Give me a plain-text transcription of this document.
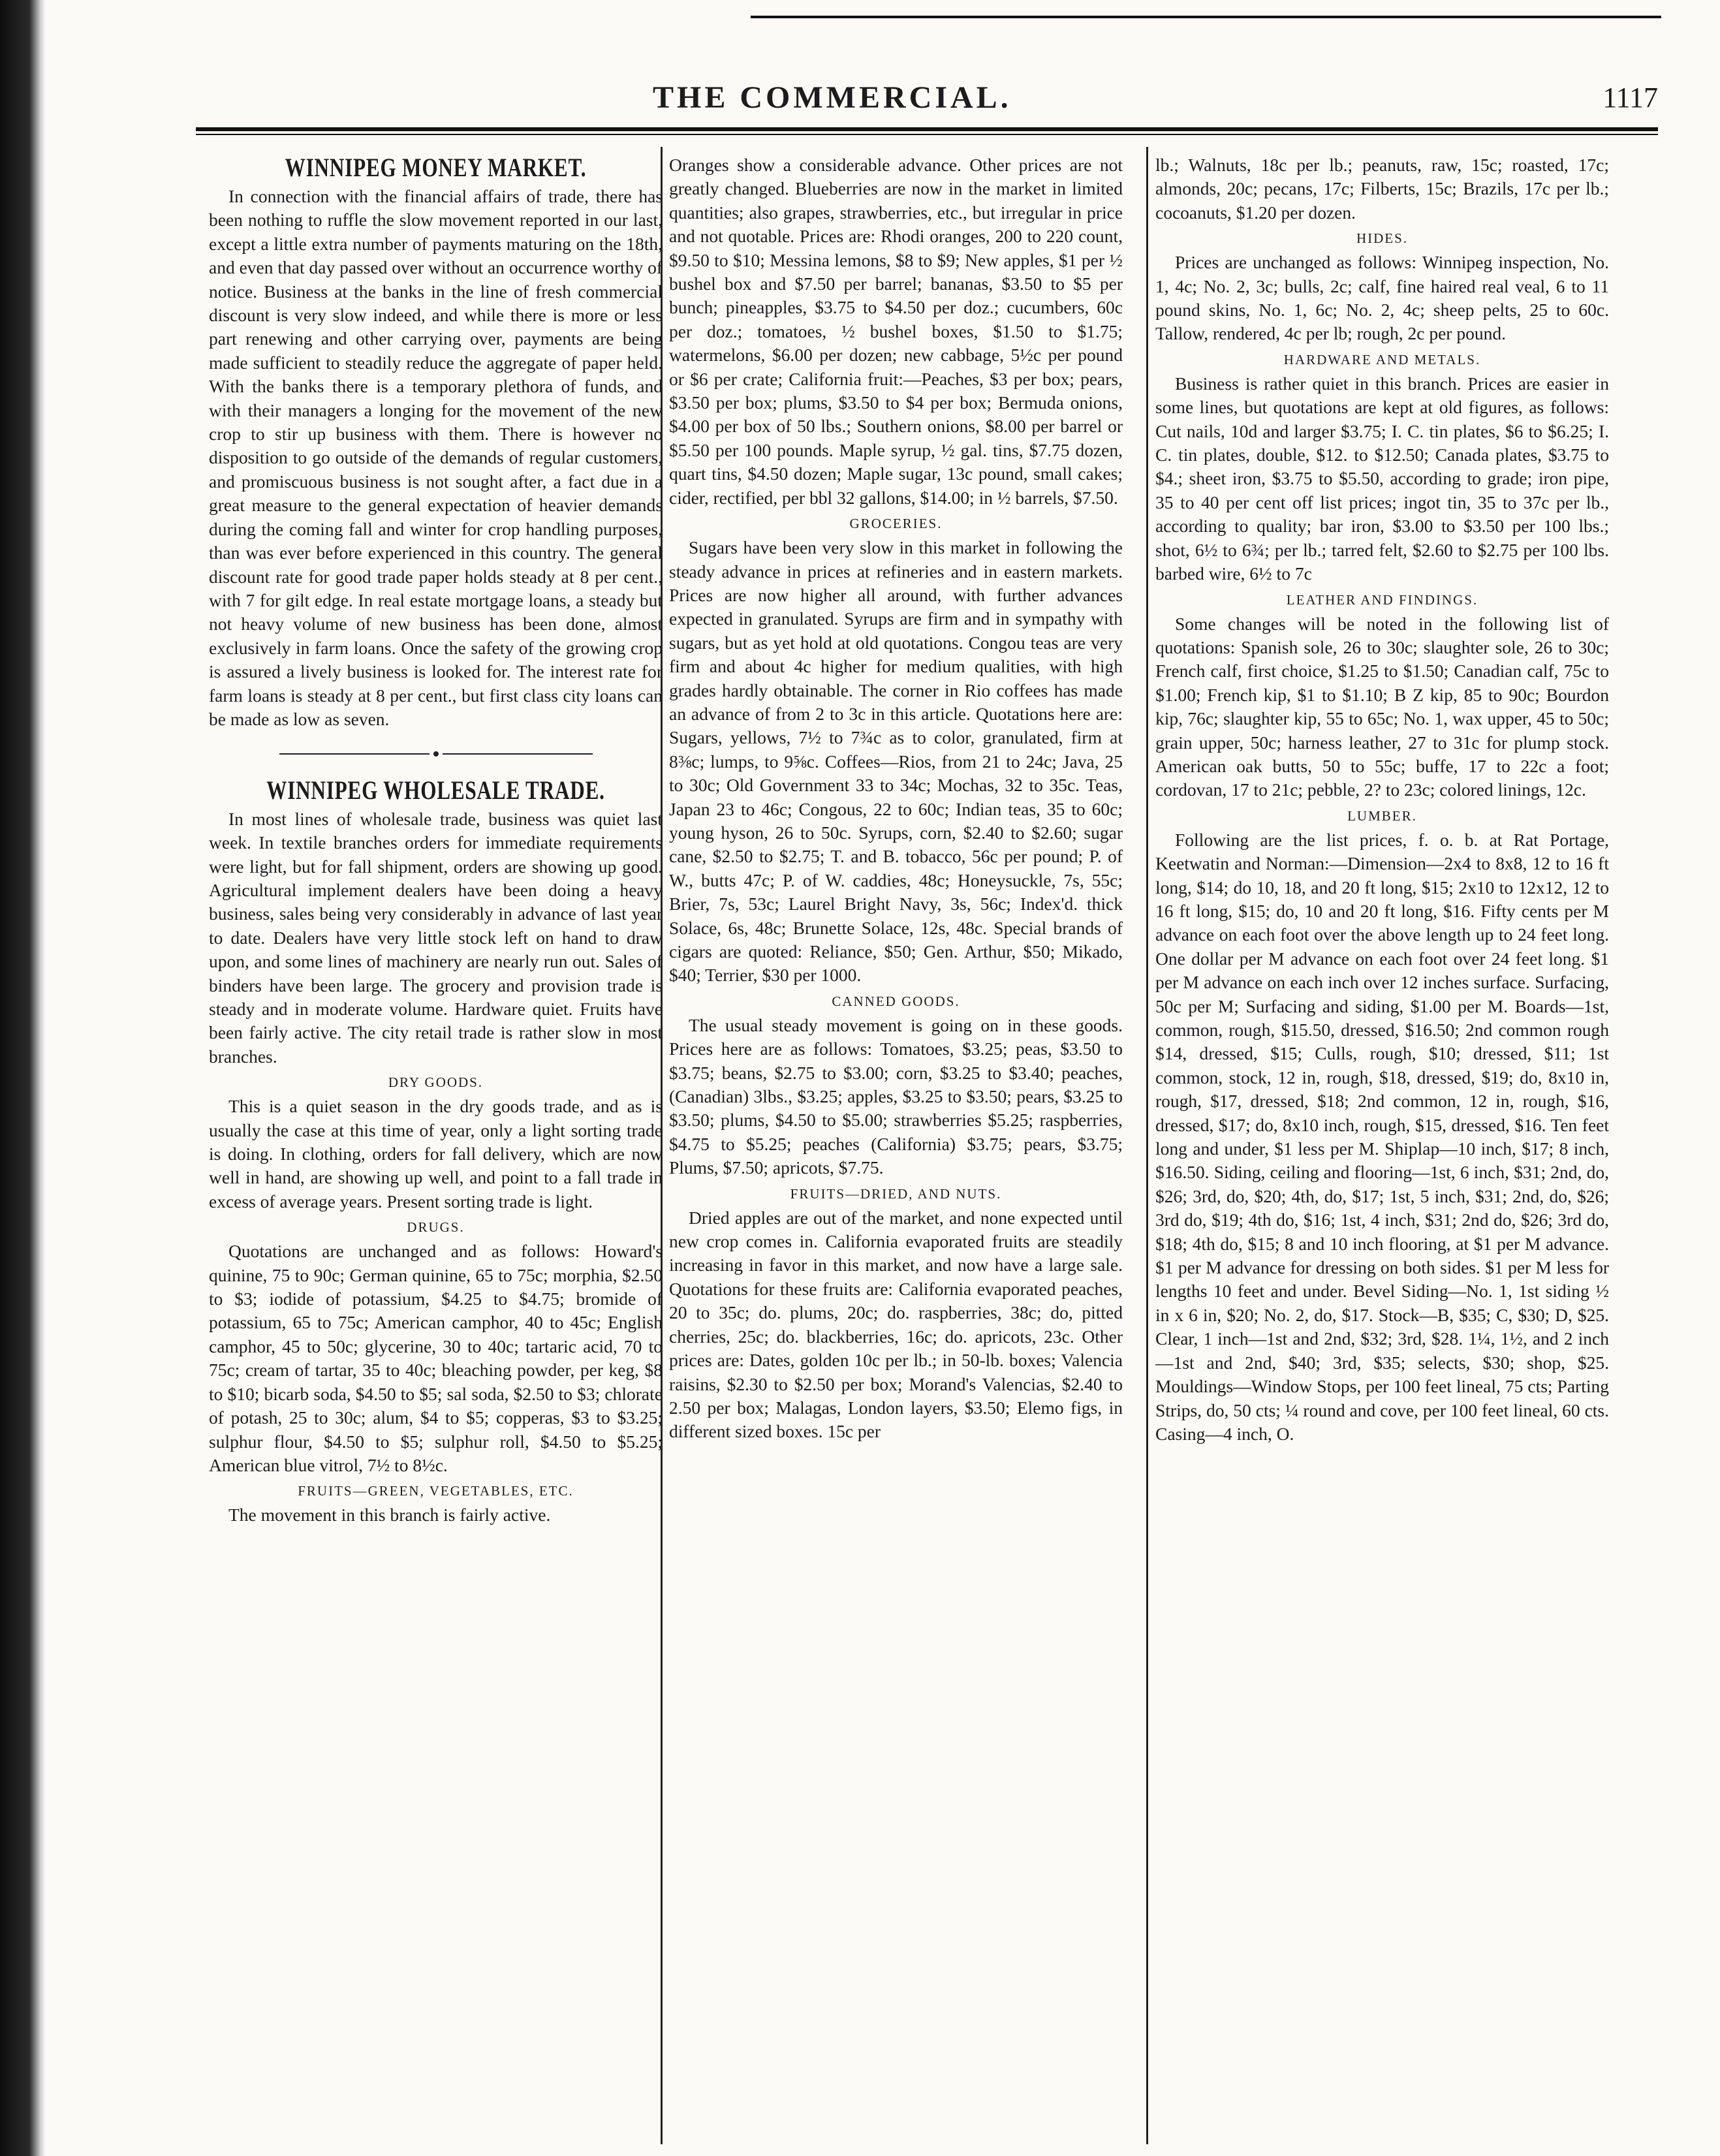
THE COMMERCIAL.	1117
WINNIPEG MONEY MARKET.

In connection with the financial affairs of trade, there has been nothing to ruffle the slow movement reported in our last, except a little extra number of payments maturing on the 18th, and even that day passed over without an occurrence worthy of notice. Business at the banks in the line of fresh commercial discount is very slow indeed, and while there is more or less part renewing and other carrying over, payments are being made sufficient to steadily reduce the aggregate of paper held. With the banks there is a temporary plethora of funds, and with their managers a longing for the movement of the new crop to stir up business with them. There is however no disposition to go outside of the demands of regular customers, and promiscuous business is not sought after, a fact due in a great measure to the general expectation of heavier demands during the coming fall and winter for crop handling purposes, than was ever before experienced in this country. The general discount rate for good trade paper holds steady at 8 per cent., with 7 for gilt edge. In real estate mortgage loans, a steady but not heavy volume of new business has been done, almost exclusively in farm loans. Once the safety of the growing crop is assured a lively business is looked for. The interest rate for farm loans is steady at 8 per cent., but first class city loans can be made as low as seven.

WINNIPEG WHOLESALE TRADE.

In most lines of wholesale trade, business was quiet last week. In textile branches orders for immediate requirements were light, but for fall shipment, orders are showing up good. Agricultural implement dealers have been doing a heavy business, sales being very considerably in advance of last year to date. Dealers have very little stock left on hand to draw upon, and some lines of machinery are nearly run out. Sales of binders have been large. The grocery and provision trade is steady and in moderate volume. Hardware quiet. Fruits have been fairly active. The city retail trade is rather slow in most branches.

DRY GOODS.

This is a quiet season in the dry goods trade, and as is usually the case at this time of year, only a light sorting trade is doing. In clothing, orders for fall delivery, which are now well in hand, are showing up well, and point to a fall trade in excess of average years. Present sorting trade is light.

DRUGS.

Quotations are unchanged and as follows: Howard's quinine, 75 to 90c; German quinine, 65 to 75c; morphia, $2.50 to $3; iodide of potassium, $4.25 to $4.75; bromide of potassium, 65 to 75c; American camphor, 40 to 45c; English camphor, 45 to 50c; glycerine, 30 to 40c; tartaric acid, 70 to 75c; cream of tartar, 35 to 40c; bleaching powder, per keg, $8 to $10; bicarb soda, $4.50 to $5; sal soda, $2.50 to $3; chlorate of potash, 25 to 30c; alum, $4 to $5; copperas, $3 to $3.25; sulphur flour, $4.50 to $5; sulphur roll, $4.50 to $5.25; American blue vitrol, 7½ to 8½c.

FRUITS—GREEN, VEGETABLES, ETC.

The movement in this branch is fairly active.

Oranges show a considerable advance. Other prices are not greatly changed. Blueberries are now in the market in limited quantities; also grapes, strawberries, etc., but irregular in price and not quotable. Prices are: Rhodi oranges, 200 to 220 count, $9.50 to $10; Messina lemons, $8 to $9; New apples, $1 per ½ bushel box and $7.50 per barrel; bananas, $3.50 to $5 per bunch; pineapples, $3.75 to $4.50 per doz.; cucumbers, 60c per doz.; tomatoes, ½ bushel boxes, $1.50 to $1.75; watermelons, $6.00 per dozen; new cabbage, 5½c per pound or $6 per crate; California fruit:—Peaches, $3 per box; pears, $3.50 per box; plums, $3.50 to $4 per box; Bermuda onions, $4.00 per box of 50 lbs.; Southern onions, $8.00 per barrel or $5.50 per 100 pounds. Maple syrup, ½ gal. tins, $7.75 dozen, quart tins, $4.50 dozen; Maple sugar, 13c pound, small cakes; cider, rectified, per bbl 32 gallons, $14.00; in ½ barrels, $7.50.

GROCERIES.

Sugars have been very slow in this market in following the steady advance in prices at refineries and in eastern markets. Prices are now higher all around, with further advances expected in granulated. Syrups are firm and in sympathy with sugars, but as yet hold at old quotations. Congou teas are very firm and about 4c higher for medium qualities, with high grades hardly obtainable. The corner in Rio coffees has made an advance of from 2 to 3c in this article. Quotations here are: Sugars, yellows, 7½ to 7¾c as to color, granulated, firm at 8⅜c; lumps, to 9⅝c. Coffees—Rios, from 21 to 24c; Java, 25 to 30c; Old Government 33 to 34c; Mochas, 32 to 35c. Teas, Japan 23 to 46c; Congous, 22 to 60c; Indian teas, 35 to 60c; young hyson, 26 to 50c. Syrups, corn, $2.40 to $2.60; sugar cane, $2.50 to $2.75; T. and B. tobacco, 56c per pound; P. of W., butts 47c; P. of W. caddies, 48c; Honeysuckle, 7s, 55c; Brier, 7s, 53c; Laurel Bright Navy, 3s, 56c; Index'd. thick Solace, 6s, 48c; Brunette Solace, 12s, 48c. Special brands of cigars are quoted: Reliance, $50; Gen. Arthur, $50; Mikado, $40; Terrier, $30 per 1000.

CANNED GOODS.

The usual steady movement is going on in these goods. Prices here are as follows: Tomatoes, $3.25; peas, $3.50 to $3.75; beans, $2.75 to $3.00; corn, $3.25 to $3.40; peaches, (Canadian) 3lbs., $3.25; apples, $3.25 to $3.50; pears, $3.25 to $3.50; plums, $4.50 to $5.00; strawberries $5.25; raspberries, $4.75 to $5.25; peaches (California) $3.75; pears, $3.75; Plums, $7.50; apricots, $7.75.

FRUITS—DRIED, AND NUTS.

Dried apples are out of the market, and none expected until new crop comes in. California evaporated fruits are steadily increasing in favor in this market, and now have a large sale. Quotations for these fruits are: California evaporated peaches, 20 to 35c; do. plums, 20c; do. raspberries, 38c; do, pitted cherries, 25c; do. blackberries, 16c; do. apricots, 23c. Other prices are: Dates, golden 10c per lb.; in 50-lb. boxes; Valencia raisins, $2.30 to $2.50 per box; Morand's Valencias, $2.40 to 2.50 per box; Malagas, London layers, $3.50; Elemo figs, in different sized boxes. 15c per

lb.; Walnuts, 18c per lb.; peanuts, raw, 15c; roasted, 17c; almonds, 20c; pecans, 17c; Filberts, 15c; Brazils, 17c per lb.; cocoanuts, $1.20 per dozen.

HIDES.

Prices are unchanged as follows: Winnipeg inspection, No. 1, 4c; No. 2, 3c; bulls, 2c; calf, fine haired real veal, 6 to 11 pound skins, No. 1, 6c; No. 2, 4c; sheep pelts, 25 to 60c. Tallow, rendered, 4c per lb; rough, 2c per pound.

HARDWARE AND METALS.

Business is rather quiet in this branch. Prices are easier in some lines, but quotations are kept at old figures, as follows: Cut nails, 10d and larger $3.75; I. C. tin plates, $6 to $6.25; I. C. tin plates, double, $12. to $12.50; Canada plates, $3.75 to $4.; sheet iron, $3.75 to $5.50, according to grade; iron pipe, 35 to 40 per cent off list prices; ingot tin, 35 to 37c per lb., according to quality; bar iron, $3.00 to $3.50 per 100 lbs.; shot, 6½ to 6¾; per lb.; tarred felt, $2.60 to $2.75 per 100 lbs. barbed wire, 6½ to 7c

LEATHER AND FINDINGS.

Some changes will be noted in the following list of quotations: Spanish sole, 26 to 30c; slaughter sole, 26 to 30c; French calf, first choice, $1.25 to $1.50; Canadian calf, 75c to $1.00; French kip, $1 to $1.10; B Z kip, 85 to 90c; Bourdon kip, 76c; slaughter kip, 55 to 65c; No. 1, wax upper, 45 to 50c; grain upper, 50c; harness leather, 27 to 31c for plump stock. American oak butts, 50 to 55c; buffe, 17 to 22c a foot; cordovan, 17 to 21c; pebble, 2? to 23c; colored linings, 12c.

LUMBER.

Following are the list prices, f. o. b. at Rat Portage, Keetwatin and Norman:—Dimension—2x4 to 8x8, 12 to 16 ft long, $14; do 10, 18, and 20 ft long, $15; 2x10 to 12x12, 12 to 16 ft long, $15; do, 10 and 20 ft long, $16. Fifty cents per M advance on each foot over the above length up to 24 feet long. One dollar per M advance on each foot over 24 feet long. $1 per M advance on each inch over 12 inches surface. Surfacing, 50c per M; Surfacing and siding, $1.00 per M. Boards—1st, common, rough, $15.50, dressed, $16.50; 2nd common rough $14, dressed, $15; Culls, rough, $10; dressed, $11; 1st common, stock, 12 in, rough, $18, dressed, $19; do, 8x10 in, rough, $17, dressed, $18; 2nd common, 12 in, rough, $16, dressed, $17; do, 8x10 inch, rough, $15, dressed, $16. Ten feet long and under, $1 less per M. Shiplap—10 inch, $17; 8 inch, $16.50. Siding, ceiling and flooring—1st, 6 inch, $31; 2nd, do, $26; 3rd, do, $20; 4th, do, $17; 1st, 5 inch, $31; 2nd, do, $26; 3rd do, $19; 4th do, $16; 1st, 4 inch, $31; 2nd do, $26; 3rd do, $18; 4th do, $15; 8 and 10 inch flooring, at $1 per M advance. $1 per M advance for dressing on both sides. $1 per M less for lengths 10 feet and under. Bevel Siding—No. 1, 1st siding ½ in x 6 in, $20; No. 2, do, $17. Stock—B, $35; C, $30; D, $25. Clear, 1 inch—1st and 2nd, $32; 3rd, $28. 1¼, 1½, and 2 inch—1st and 2nd, $40; 3rd, $35; selects, $30; shop, $25. Mouldings—Window Stops, per 100 feet lineal, 75 cts; Parting Strips, do, 50 cts; ¼ round and cove, per 100 feet lineal, 60 cts. Casing—4 inch, O.
